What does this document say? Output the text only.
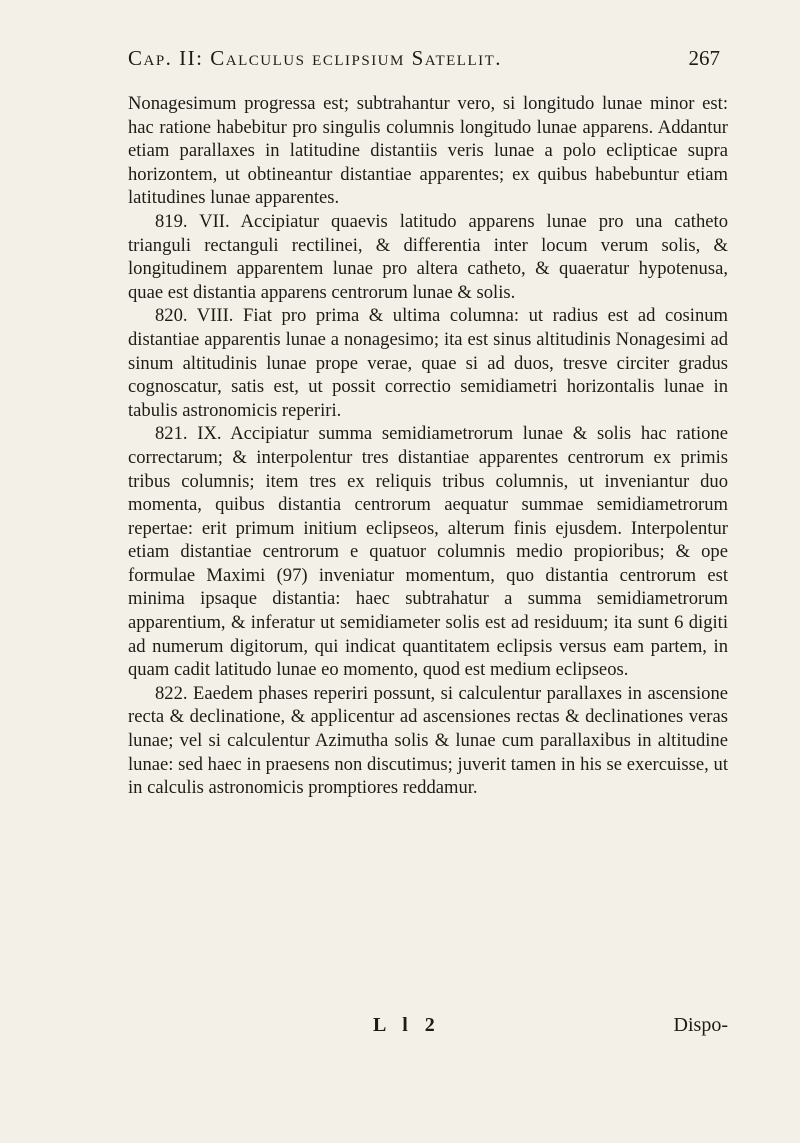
Cap. II: Calculus eclipsium Satellit.	267

Nonagesimum progressa est; subtrahantur vero, si longitudo lunae minor est: hac ratione habebitur pro singulis columnis longitudo lunae apparens. Addantur etiam parallaxes in latitudine distantiis veris lunae a polo eclipticae supra horizontem, ut obtineantur distantiae apparentes; ex quibus habebuntur etiam latitudines lunae apparentes.

819. VII. Accipiatur quaevis latitudo apparens lunae pro una catheto trianguli rectanguli rectilinei, & differentia inter locum verum solis, & longitudinem apparentem lunae pro altera catheto, & quaeratur hypotenusa, quae est distantia apparens centrorum lunae & solis.

820. VIII. Fiat pro prima & ultima columna: ut radius est ad cosinum distantiae apparentis lunae a nonagesimo; ita est sinus altitudinis Nonagesimi ad sinum altitudinis lunae prope verae, quae si ad duos, tresve circiter gradus cognoscatur, satis est, ut possit correctio semidiametri horizontalis lunae in tabulis astronomicis reperiri.

821. IX. Accipiatur summa semidiametrorum lunae & solis hac ratione correctarum; & interpolentur tres distantiae apparentes centrorum ex primis tribus columnis; item tres ex reliquis tribus columnis, ut inveniantur duo momenta, quibus distantia centrorum aequatur summae semidiametrorum repertae: erit primum initium eclipseos, alterum finis ejusdem. Interpolentur etiam distantiae centrorum e quatuor columnis medio propioribus; & ope formulae Maximi (97) inveniatur momentum, quo distantia centrorum est minima ipsaque distantia: haec subtrahatur a summa semidiametrorum apparentium, & inferatur ut semidiameter solis est ad residuum; ita sunt 6 digiti ad numerum digitorum, qui indicat quantitatem eclipsis versus eam partem, in quam cadit latitudo lunae eo momento, quod est medium eclipseos.

822. Eaedem phases reperiri possunt, si calculentur parallaxes in ascensione recta & declinatione, & applicentur ad ascensiones rectas & declinationes veras lunae; vel si calculentur Azimutha solis & lunae cum parallaxibus in altitudine lunae: sed haec in praesens non discutimus; juverit tamen in his se exercuisse, ut in calculis astronomicis promptiores reddamur.

L l 2	Dispo-
